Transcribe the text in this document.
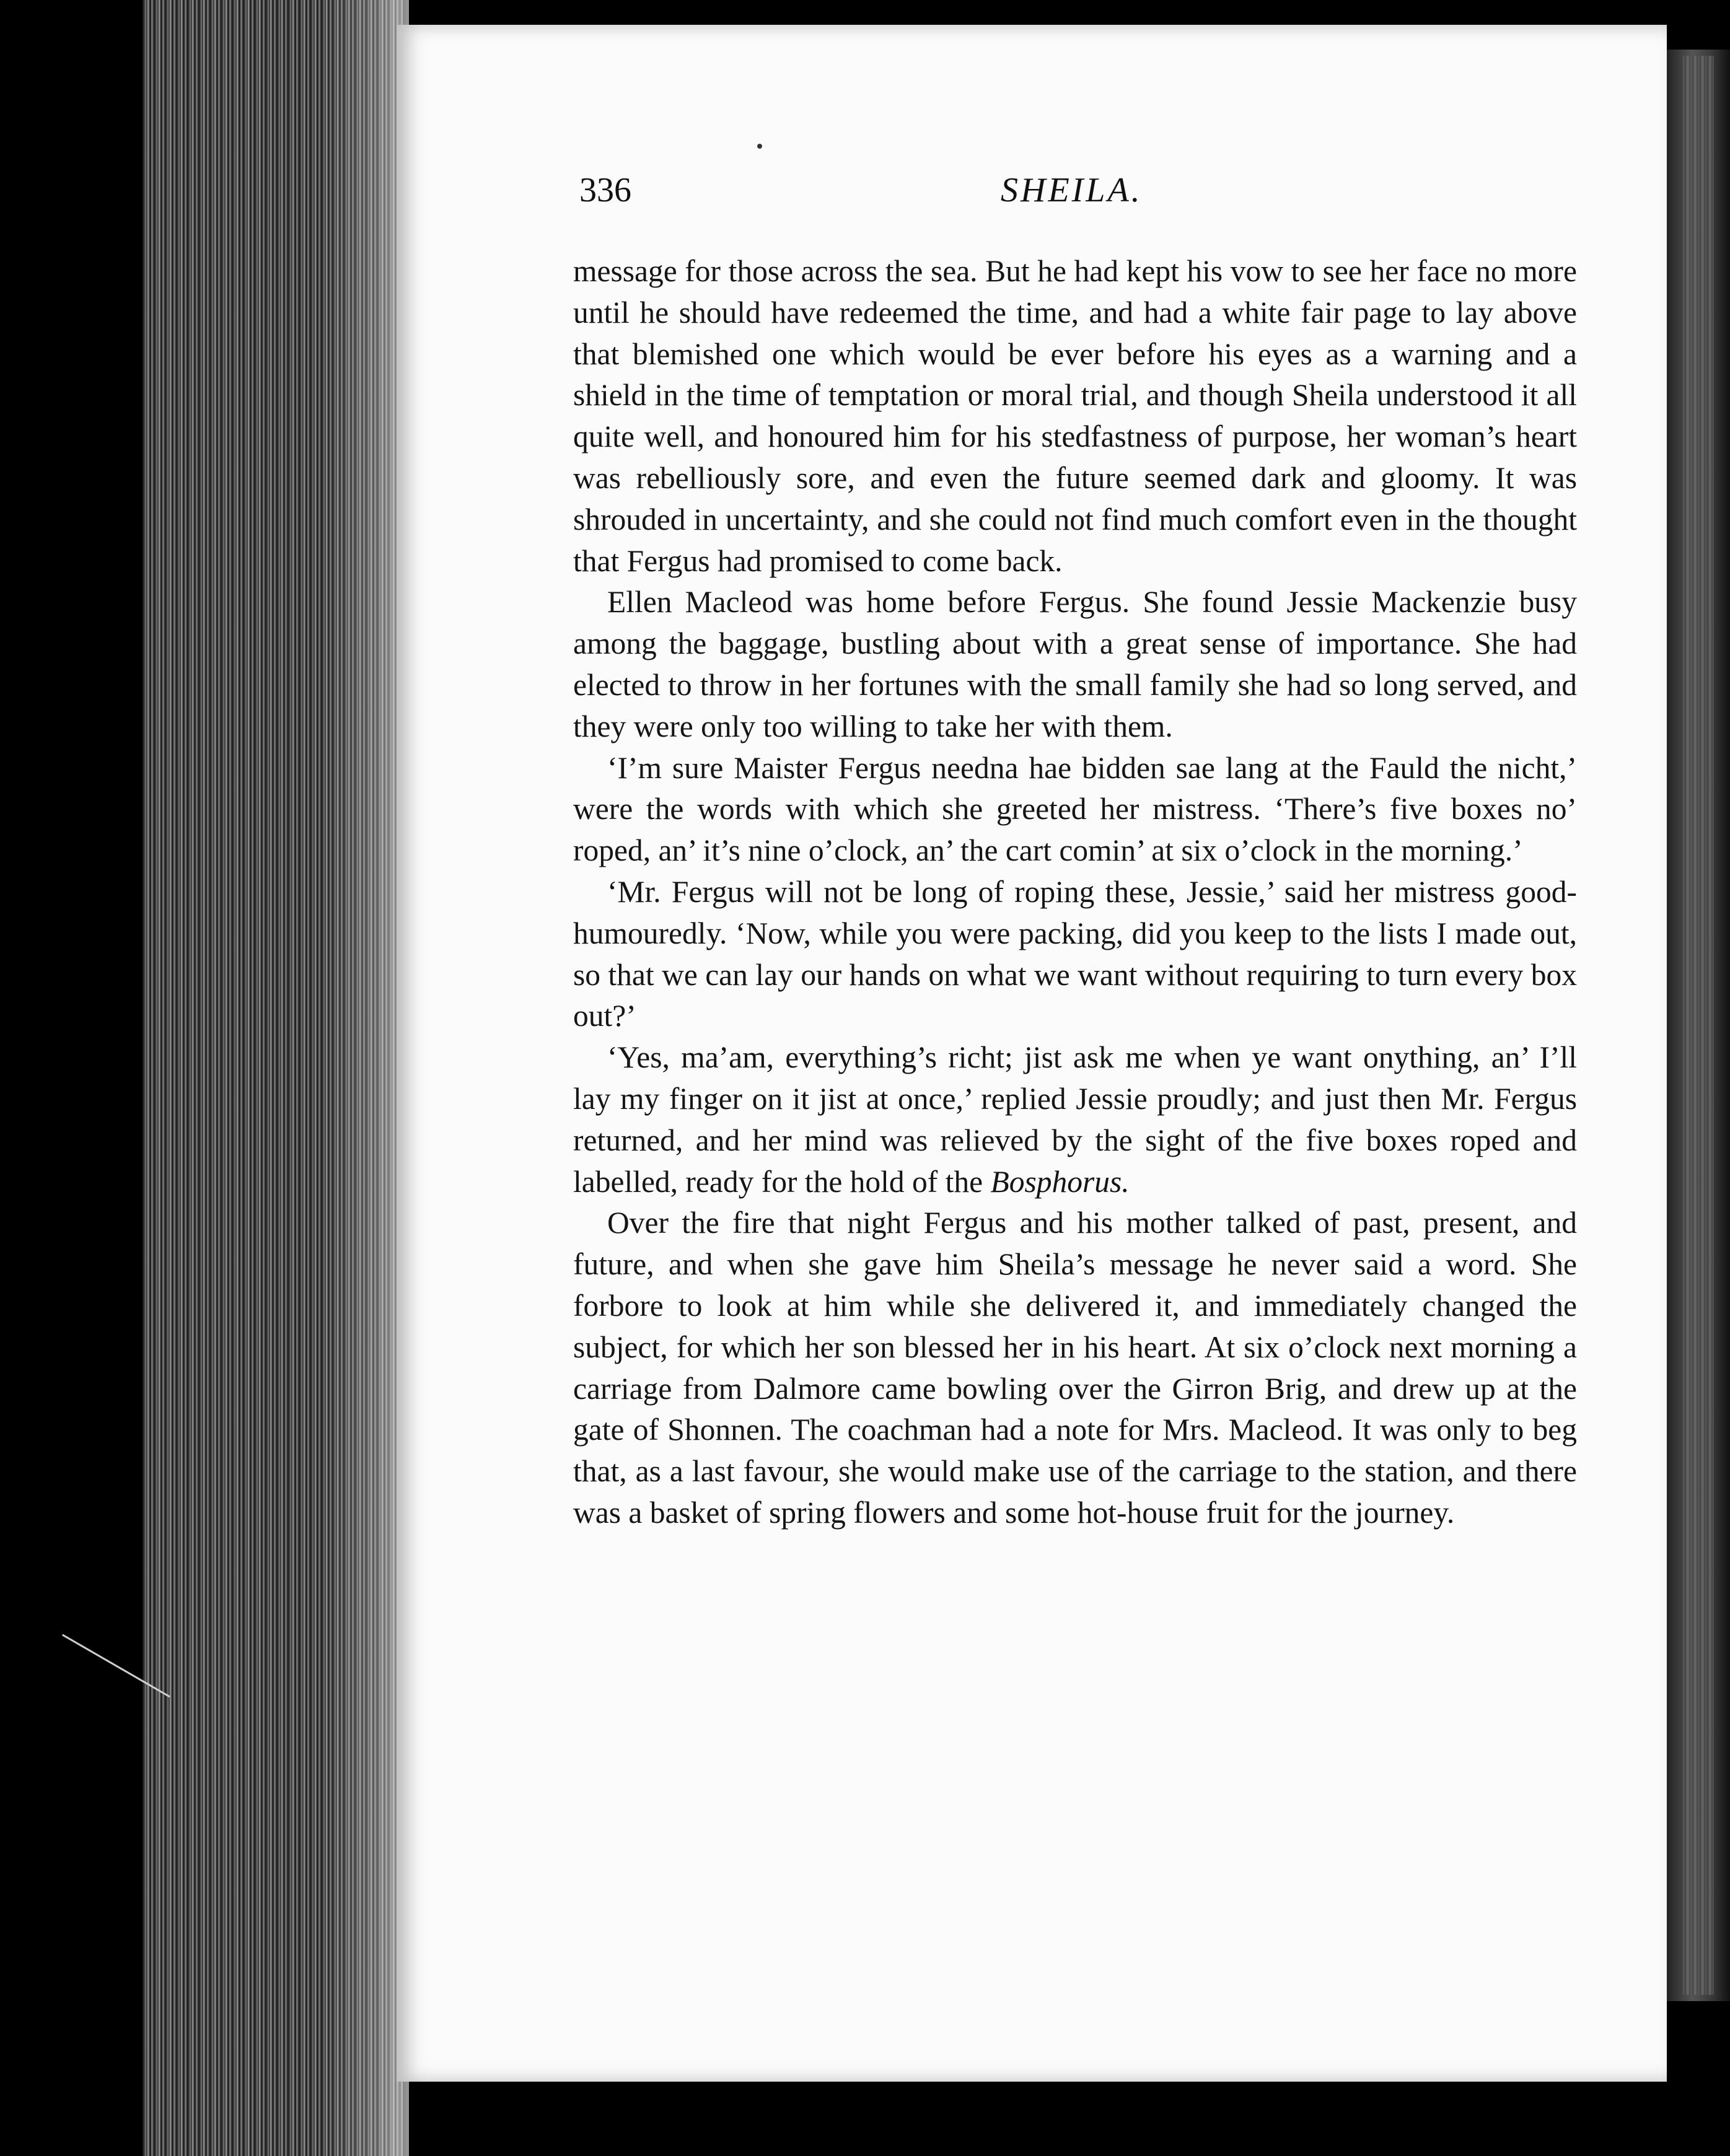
336	SHEILA.

message for those across the sea. But he had kept his vow to see her face no more until he should have redeemed the time, and had a white fair page to lay above that blemished one which would be ever before his eyes as a warning and a shield in the time of temptation or moral trial, and though Sheila understood it all quite well, and honoured him for his stedfastness of purpose, her woman’s heart was rebelliously sore, and even the future seemed dark and gloomy. It was shrouded in uncertainty, and she could not find much comfort even in the thought that Fergus had promised to come back.

Ellen Macleod was home before Fergus. She found Jessie Mackenzie busy among the baggage, bustling about with a great sense of importance. She had elected to throw in her fortunes with the small family she had so long served, and they were only too willing to take her with them.

‘I’m sure Maister Fergus needna hae bidden sae lang at the Fauld the nicht,’ were the words with which she greeted her mistress. ‘There’s five boxes no’ roped, an’ it’s nine o’clock, an’ the cart comin’ at six o’clock in the morning.’

‘Mr. Fergus will not be long of roping these, Jessie,’ said her mistress good-humouredly. ‘Now, while you were packing, did you keep to the lists I made out, so that we can lay our hands on what we want without requiring to turn every box out?’

‘Yes, ma’am, everything’s richt; jist ask me when ye want onything, an’ I’ll lay my finger on it jist at once,’ replied Jessie proudly; and just then Mr. Fergus returned, and her mind was relieved by the sight of the five boxes roped and labelled, ready for the hold of the Bosphorus.

Over the fire that night Fergus and his mother talked of past, present, and future, and when she gave him Sheila’s message he never said a word. She forbore to look at him while she delivered it, and immediately changed the subject, for which her son blessed her in his heart. At six o’clock next morning a carriage from Dalmore came bowling over the Girron Brig, and drew up at the gate of Shonnen. The coachman had a note for Mrs. Macleod. It was only to beg that, as a last favour, she would make use of the carriage to the station, and there was a basket of spring flowers and some hot-house fruit for the journey.
